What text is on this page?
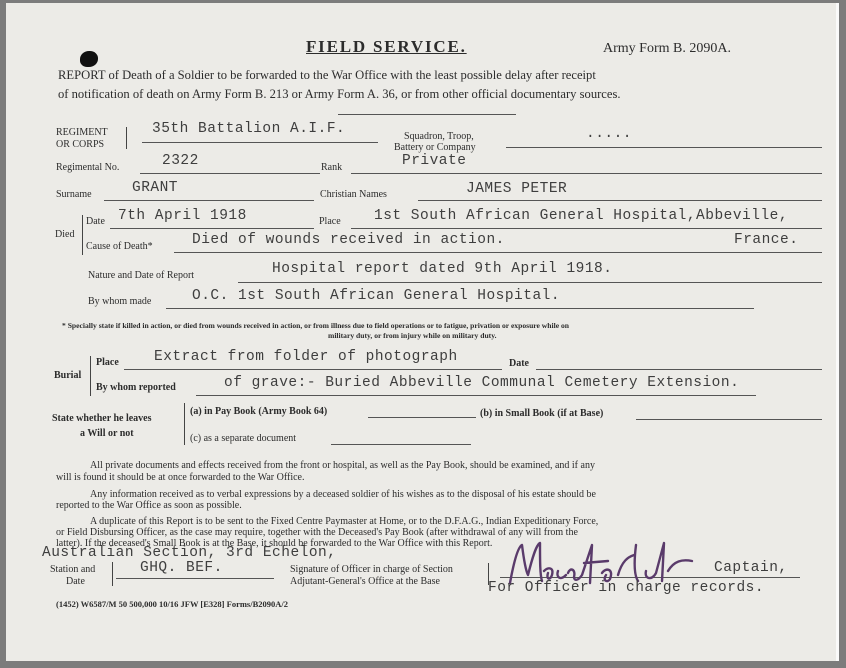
FIELD SERVICE.	Army Form B. 2090A.
REPORT of Death of a Soldier to be forwarded to the War Office with the least possible delay after receipt
of notification of death on Army Form B. 213 or Army Form A. 36, or from other official documentary sources.
REGIMENT
OR CORPS
35th Battalion A.I.F.	Squadron, Troop,
Battery or Company
.....
Regimental No.	2322	Rank	Private
Surname	GRANT	Christian Names	JAMES PETER
Died
Date 7th April 1918	Place 1st South African General Hospital,Abbeville,
Cause of Death*	Died of wounds received in action.	France.
Nature and Date of Report	Hospital report dated 9th April 1918.
By whom made	O.C. 1st South African General Hospital.
* Specially state if killed in action, or died from wounds received in action, or from illness due to field operations or to fatigue, privation or exposure while on
military duty, or from injury while on military duty.
Burial
Place Extract from folder of photograph	Date
By whom reported	of grave:- Buried Abbeville Communal Cemetery Extension.
State whether he leaves
a Will or not
(a) in Pay Book (Army Book 64)	(b) in Small Book (if at Base)
(c) as a separate document
All private documents and effects received from the front or hospital, as well as the Pay Book, should be examined, and if any
will is found it should be at once forwarded to the War Office.
Any information received as to verbal expressions by a deceased soldier of his wishes as to the disposal of his estate should be
reported to the War Office as soon as possible.
A duplicate of this Report is to be sent to the Fixed Centre Paymaster at Home, or to the D.F.A.G., Indian Expeditionary Force,
or Field Disbursing Officer, as the case may require, together with the Deceased's Pay Book (after withdrawal of any will from the
latter). If the deceased's Small Book is at the Base, it should be forwarded to the War Office with this Report.
Australian Section, 3rd Echelon,
Station and
Date
GHQ. BEF.	Signature of Officer in charge of Section
Adjutant-General's Office at the Base
Captain,
For Officer in charge records.
(1452) W6587/M 50 500,000 10/16 JFW [E328] Forms/B2090A/2
